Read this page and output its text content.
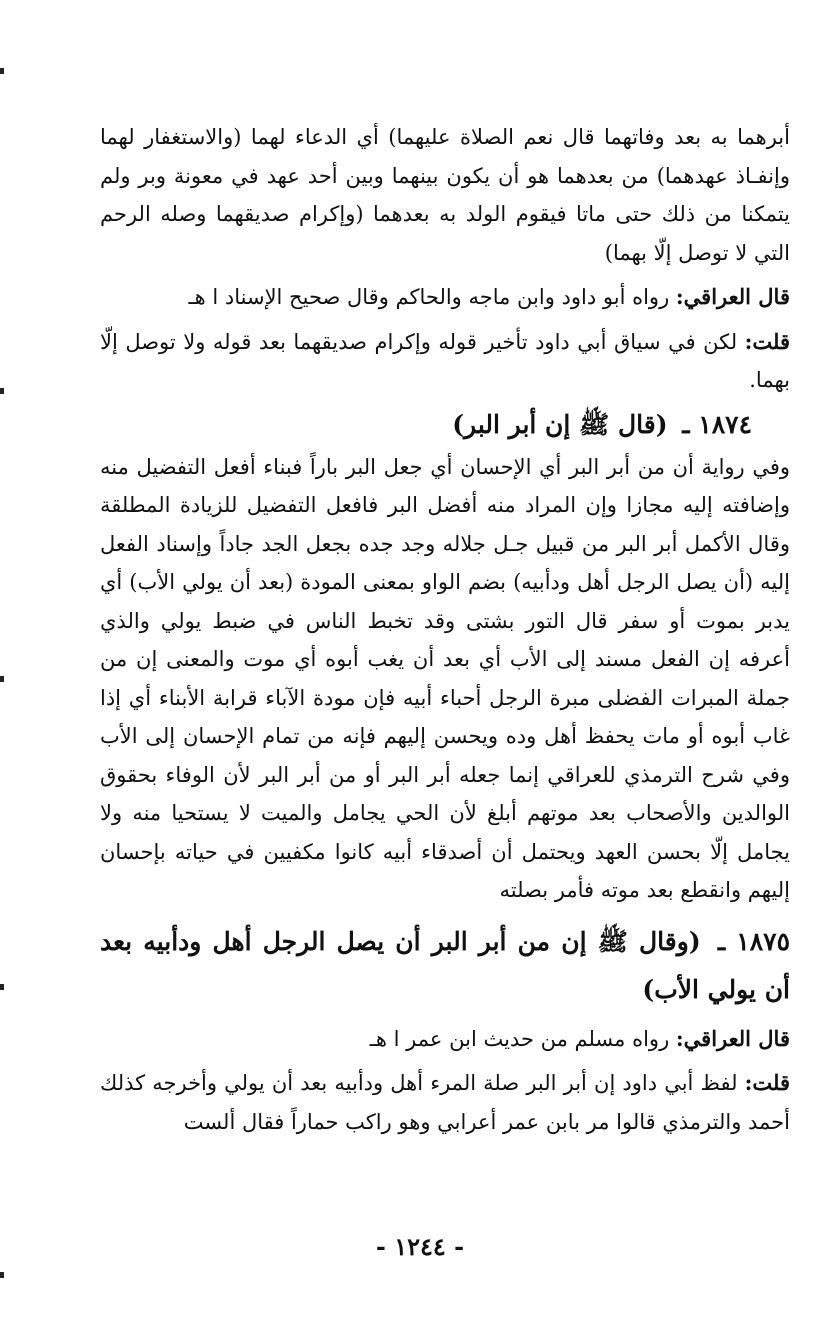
أبرهما به بعد وفاتهما قال نعم الصلاة عليهما) أي الدعاء لهما (والاستغفار لهما وإنفـاذ عهدهما) من بعدهما هو أن يكون بينهما وبين أحد عهد في معونة وبر ولم يتمكنا من ذلك حتى ماتا فيقوم الولد به بعدهما (وإكرام صديقهما وصله الرحم التي لا توصل إلّا بهما)

قال العراقي: رواه أبو داود وابن ماجه والحاكم وقال صحيح الإسناد ا هـ

قلت: لكن في سياق أبي داود تأخير قوله وإكرام صديقهما بعد قوله ولا توصل إلّا بهما.

١٨٧٤ ـ (قال ﷺ إن أبر البر)

وفي رواية أن من أبر البر أي الإحسان أي جعل البر باراً فبناء أفعل التفضيل منه وإضافته إليه مجازا وإن المراد منه أفضل البر فافعل التفضيل للزيادة المطلقة وقال الأكمل أبر البر من قبيل جـل جلاله وجد جده بجعل الجد جاداً وإسناد الفعل إليه (أن يصل الرجل أهل ودأبيه) بضم الواو بمعنى المودة (بعد أن يولي الأب) أي يدبر بموت أو سفر قال التور بشتى وقد تخبط الناس في ضبط يولي والذي أعرفه إن الفعل مسند إلى الأب أي بعد أن يغب أبوه أي موت والمعنى إن من جملة المبرات الفضلى مبرة الرجل أحباء أبيه فإن مودة الآباء قرابة الأبناء أي إذا غاب أبوه أو مات يحفظ أهل وده ويحسن إليهم فإنه من تمام الإحسان إلى الأب وفي شرح الترمذي للعراقي إنما جعله أبر البر أو من أبر البر لأن الوفاء بحقوق الوالدين والأصحاب بعد موتهم أبلغ لأن الحي يجامل والميت لا يستحيا منه ولا يجامل إلّا بحسن العهد ويحتمل أن أصدقاء أبيه كانوا مكفيين في حياته بإحسان إليهم وانقطع بعد موته فأمر بصلته

١٨٧٥ ـ (وقال ﷺ إن من أبر البر أن يصل الرجل أهل ودأبيه بعد أن يولي الأب)

قال العراقي: رواه مسلم من حديث ابن عمر ا هـ

قلت: لفظ أبي داود إن أبر البر صلة المرء أهل ودأبيه بعد أن يولي وأخرجه كذلك أحمد والترمذي قالوا مر بابن عمر أعرابي وهو راكب حماراً فقال ألست

- ١٢٤٤ -
